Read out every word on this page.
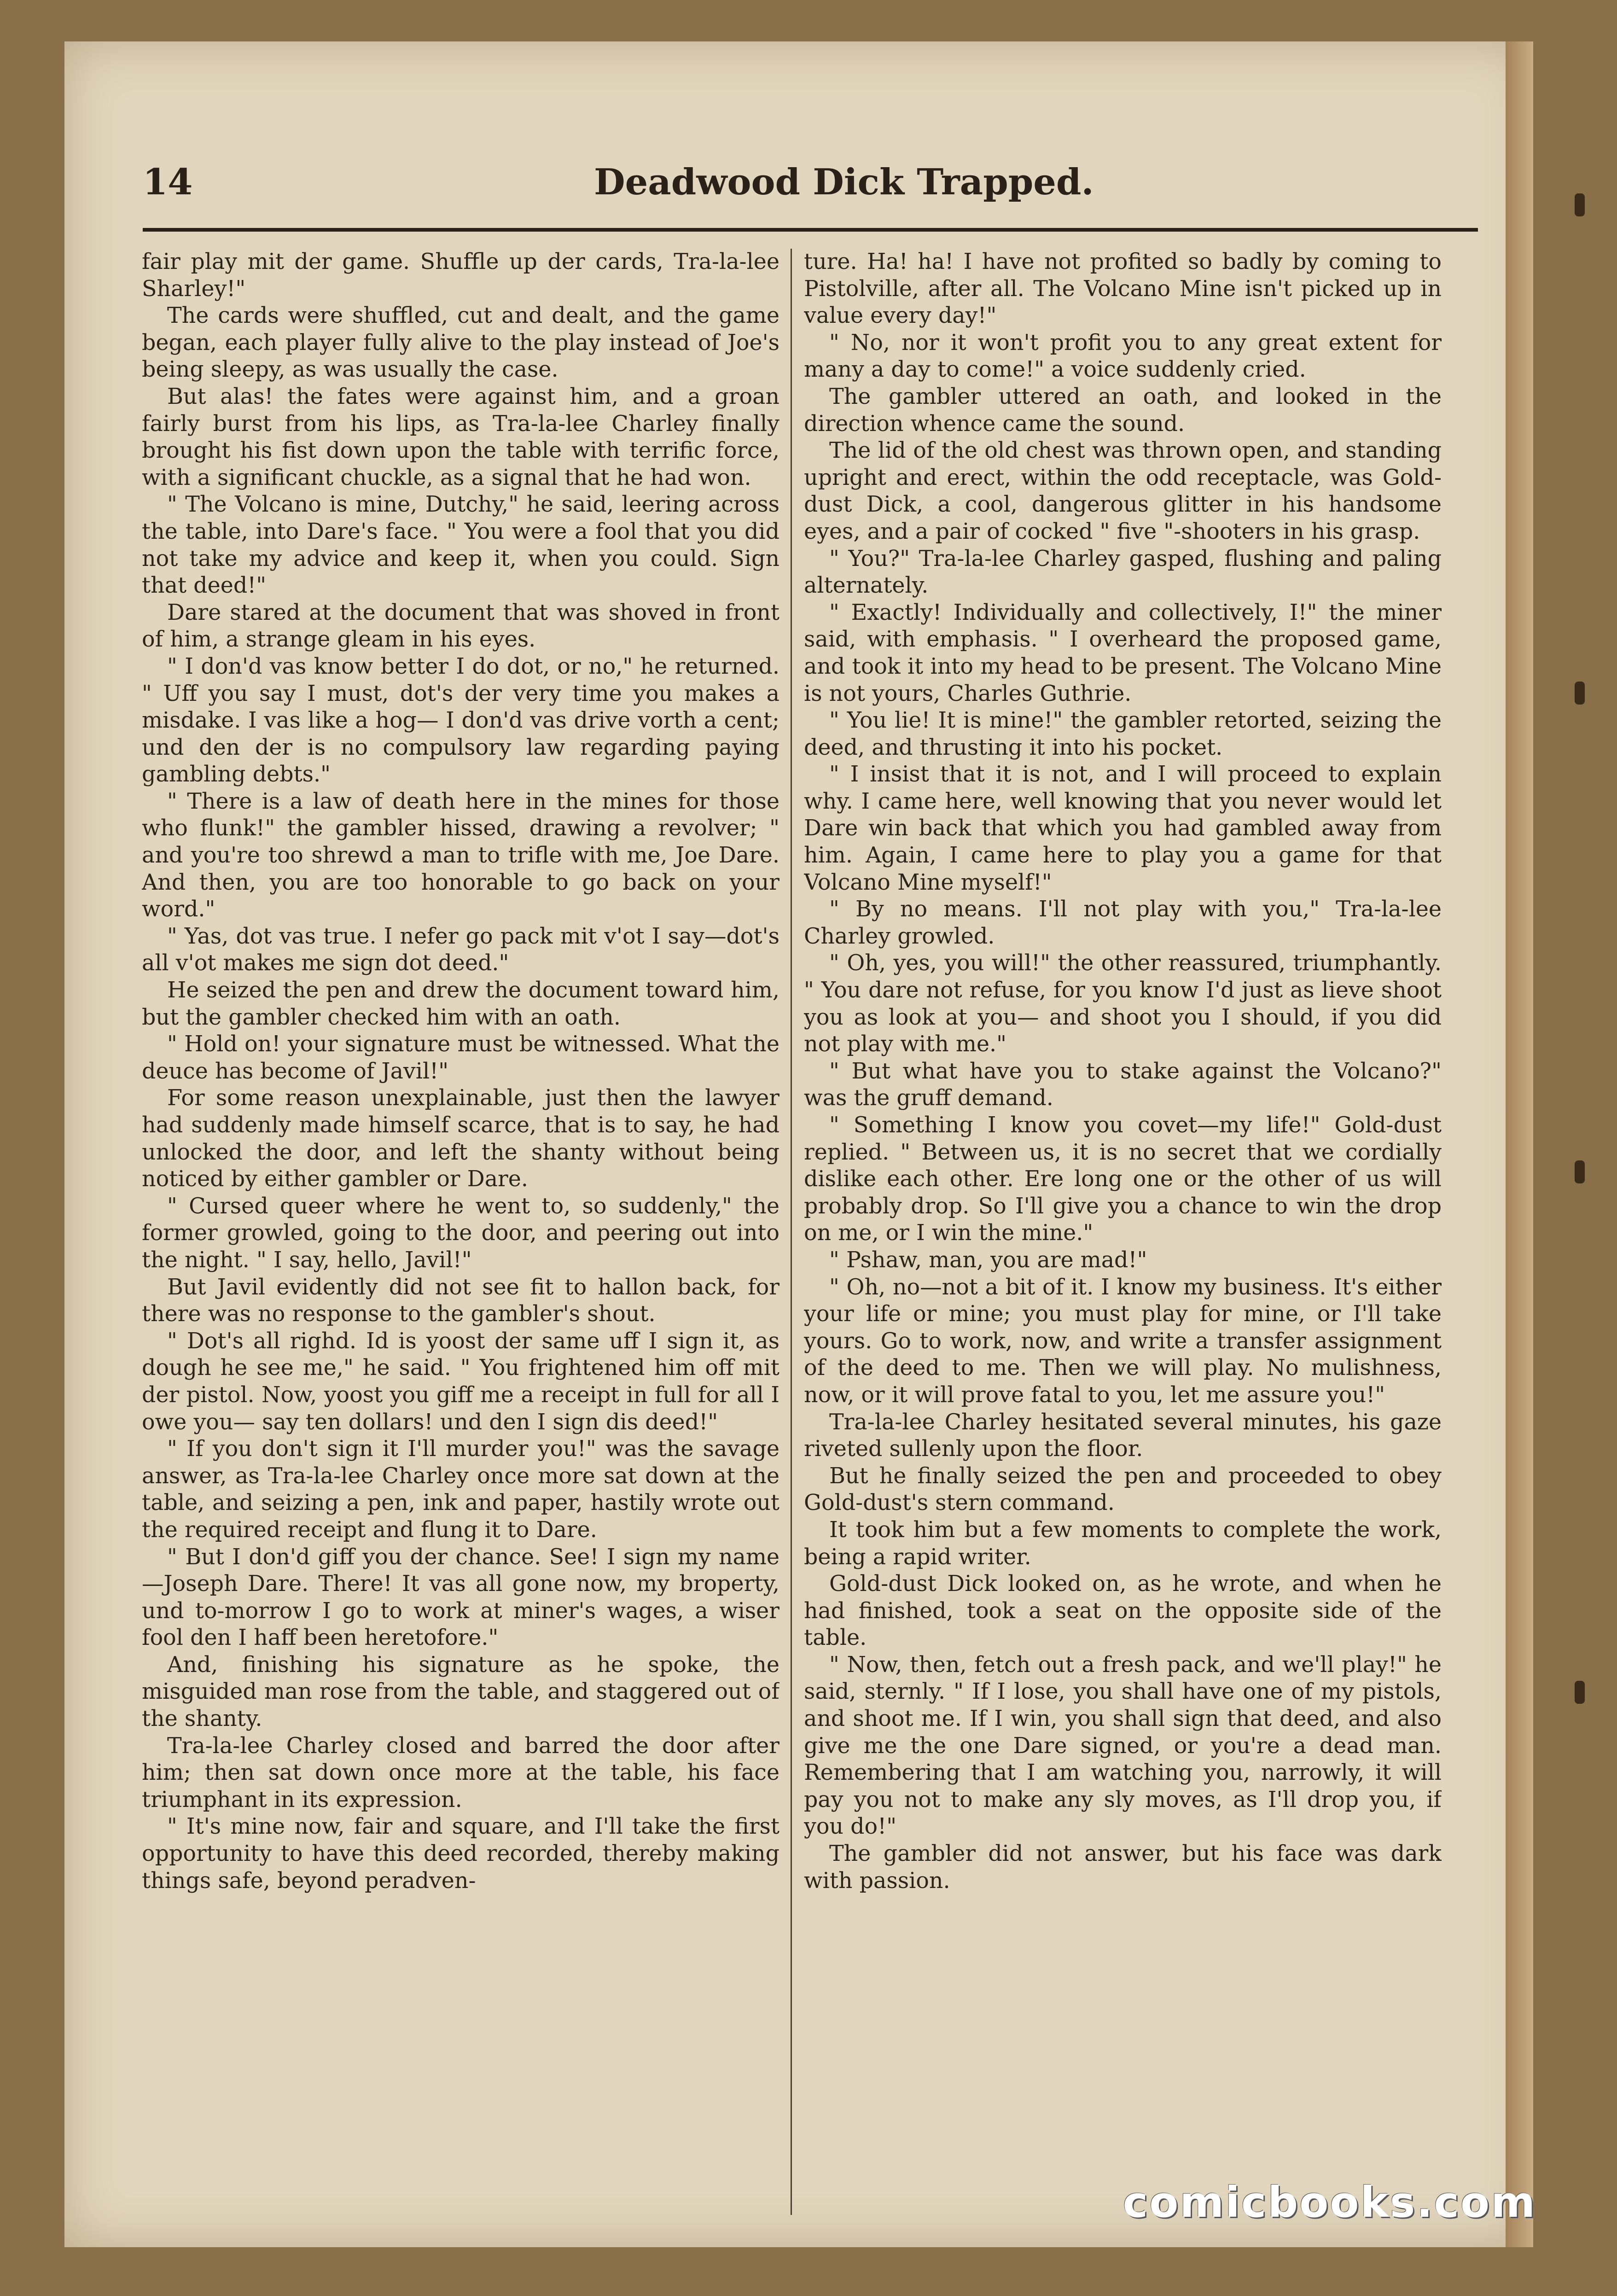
14	Deadwood Dick Trapped.

fair play mit der game. Shuffle up der cards, Tra-la-lee Sharley!"

The cards were shuffled, cut and dealt, and the game began, each player fully alive to the play instead of Joe's being sleepy, as was usually the case.

But alas! the fates were against him, and a groan fairly burst from his lips, as Tra-la-lee Charley finally brought his fist down upon the table with terrific force, with a significant chuckle, as a signal that he had won.

" The Volcano is mine, Dutchy," he said, leering across the table, into Dare's face. " You were a fool that you did not take my advice and keep it, when you could. Sign that deed!"

Dare stared at the document that was shoved in front of him, a strange gleam in his eyes.

" I don'd vas know better I do dot, or no," he returned. " Uff you say I must, dot's der very time you makes a misdake. I vas like a hog— I don'd vas drive vorth a cent; und den der is no compulsory law regarding paying gambling debts."

" There is a law of death here in the mines for those who flunk!" the gambler hissed, drawing a revolver; " and you're too shrewd a man to trifle with me, Joe Dare. And then, you are too honorable to go back on your word."

" Yas, dot vas true. I nefer go pack mit v'ot I say—dot's all v'ot makes me sign dot deed."

He seized the pen and drew the document toward him, but the gambler checked him with an oath.

" Hold on! your signature must be witnessed. What the deuce has become of Javil!"

For some reason unexplainable, just then the lawyer had suddenly made himself scarce, that is to say, he had unlocked the door, and left the shanty without being noticed by either gambler or Dare.

" Cursed queer where he went to, so suddenly," the former growled, going to the door, and peering out into the night. " I say, hello, Javil!"

But Javil evidently did not see fit to hallon back, for there was no response to the gambler's shout.

" Dot's all righd. Id is yoost der same uff I sign it, as dough he see me," he said. " You frightened him off mit der pistol. Now, yoost you giff me a receipt in full for all I owe you— say ten dollars! und den I sign dis deed!"

" If you don't sign it I'll murder you!" was the savage answer, as Tra-la-lee Charley once more sat down at the table, and seizing a pen, ink and paper, hastily wrote out the required receipt and flung it to Dare.

" But I don'd giff you der chance. See! I sign my name—Joseph Dare. There! It vas all gone now, my broperty, und to-morrow I go to work at miner's wages, a wiser fool den I haff been heretofore."

And, finishing his signature as he spoke, the misguided man rose from the table, and staggered out of the shanty.

Tra-la-lee Charley closed and barred the door after him; then sat down once more at the table, his face triumphant in its expression.

" It's mine now, fair and square, and I'll take the first opportunity to have this deed recorded, thereby making things safe, beyond peradven-

ture. Ha! ha! I have not profited so badly by coming to Pistolville, after all. The Volcano Mine isn't picked up in value every day!"

" No, nor it won't profit you to any great extent for many a day to come!" a voice suddenly cried.

The gambler uttered an oath, and looked in the direction whence came the sound.

The lid of the old chest was thrown open, and standing upright and erect, within the odd receptacle, was Gold-dust Dick, a cool, dangerous glitter in his handsome eyes, and a pair of cocked " five "-shooters in his grasp.

" You?" Tra-la-lee Charley gasped, flushing and paling alternately.

" Exactly! Individually and collectively, I!" the miner said, with emphasis. " I overheard the proposed game, and took it into my head to be present. The Volcano Mine is not yours, Charles Guthrie.

" You lie! It is mine!" the gambler retorted, seizing the deed, and thrusting it into his pocket.

" I insist that it is not, and I will proceed to explain why. I came here, well knowing that you never would let Dare win back that which you had gambled away from him. Again, I came here to play you a game for that Volcano Mine myself!"

" By no means. I'll not play with you," Tra-la-lee Charley growled.

" Oh, yes, you will!" the other reassured, triumphantly. " You dare not refuse, for you know I'd just as lieve shoot you as look at you— and shoot you I should, if you did not play with me."

" But what have you to stake against the Volcano?" was the gruff demand.

" Something I know you covet—my life!" Gold-dust replied. " Between us, it is no secret that we cordially dislike each other. Ere long one or the other of us will probably drop. So I'll give you a chance to win the drop on me, or I win the mine."

" Pshaw, man, you are mad!"

" Oh, no—not a bit of it. I know my business. It's either your life or mine; you must play for mine, or I'll take yours. Go to work, now, and write a transfer assignment of the deed to me. Then we will play. No mulishness, now, or it will prove fatal to you, let me assure you!"

Tra-la-lee Charley hesitated several minutes, his gaze riveted sullenly upon the floor.

But he finally seized the pen and proceeded to obey Gold-dust's stern command.

It took him but a few moments to complete the work, being a rapid writer.

Gold-dust Dick looked on, as he wrote, and when he had finished, took a seat on the opposite side of the table.

" Now, then, fetch out a fresh pack, and we'll play!" he said, sternly. " If I lose, you shall have one of my pistols, and shoot me. If I win, you shall sign that deed, and also give me the one Dare signed, or you're a dead man. Remembering that I am watching you, narrowly, it will pay you not to make any sly moves, as I'll drop you, if you do!"

The gambler did not answer, but his face was dark with passion.

comicbooks.com
